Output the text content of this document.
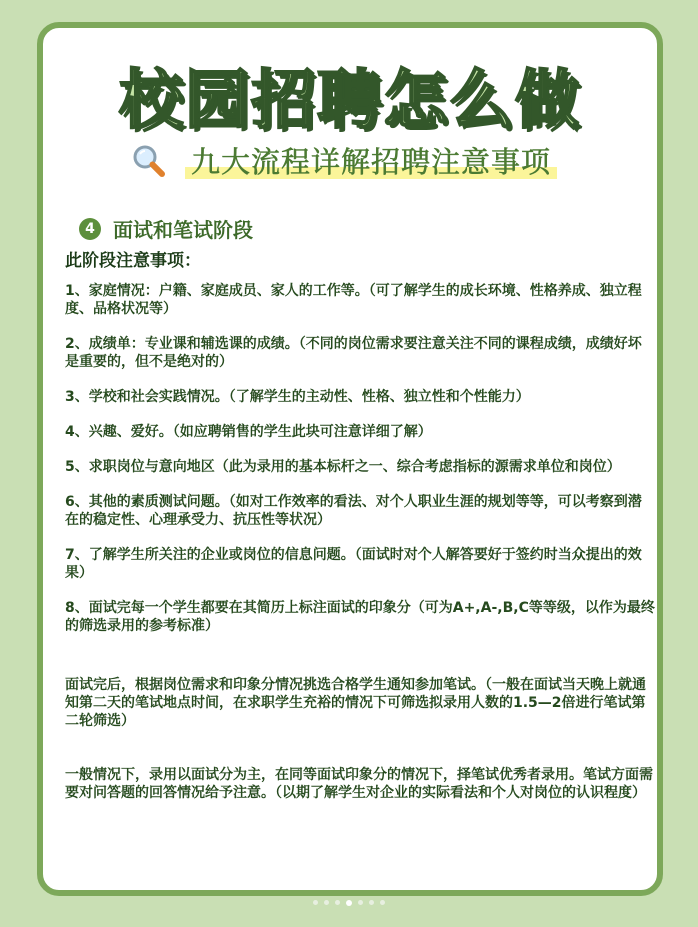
校园招聘怎么做
九大流程详解招聘注意事项
4 面试和笔试阶段
此阶段注意事项：
1、家庭情况：户籍、家庭成员、家人的工作等。（可了解学生的成长环境、性格养成、独立程度、品格状况等）
2、成绩单：专业课和辅选课的成绩。（不同的岗位需求要注意关注不同的课程成绩，成绩好坏是重要的，但不是绝对的）
3、学校和社会实践情况。（了解学生的主动性、性格、独立性和个性能力）
4、兴趣、爱好。（如应聘销售的学生此块可注意详细了解）
5、求职岗位与意向地区（此为录用的基本标杆之一、综合考虑指标的源需求单位和岗位）
6、其他的素质测试问题。（如对工作效率的看法、对个人职业生涯的规划等等，可以考察到潜在的稳定性、心理承受力、抗压性等状况）
7、了解学生所关注的企业或岗位的信息问题。（面试时对个人解答要好于签约时当众提出的效果）
8、面试完每一个学生都要在其简历上标注面试的印象分（可为A+,A-,B,C等等级，以作为最终的筛选录用的参考标准）

面试完后，根据岗位需求和印象分情况挑选合格学生通知参加笔试。（一般在面试当天晚上就通知第二天的笔试地点时间，在求职学生充裕的情况下可筛选拟录用人数的1.5—2倍进行笔试第二轮筛选）

一般情况下，录用以面试分为主，在同等面试印象分的情况下，择笔试优秀者录用。笔试方面需要对问答题的回答情况给予注意。（以期了解学生对企业的实际看法和个人对岗位的认识程度）
